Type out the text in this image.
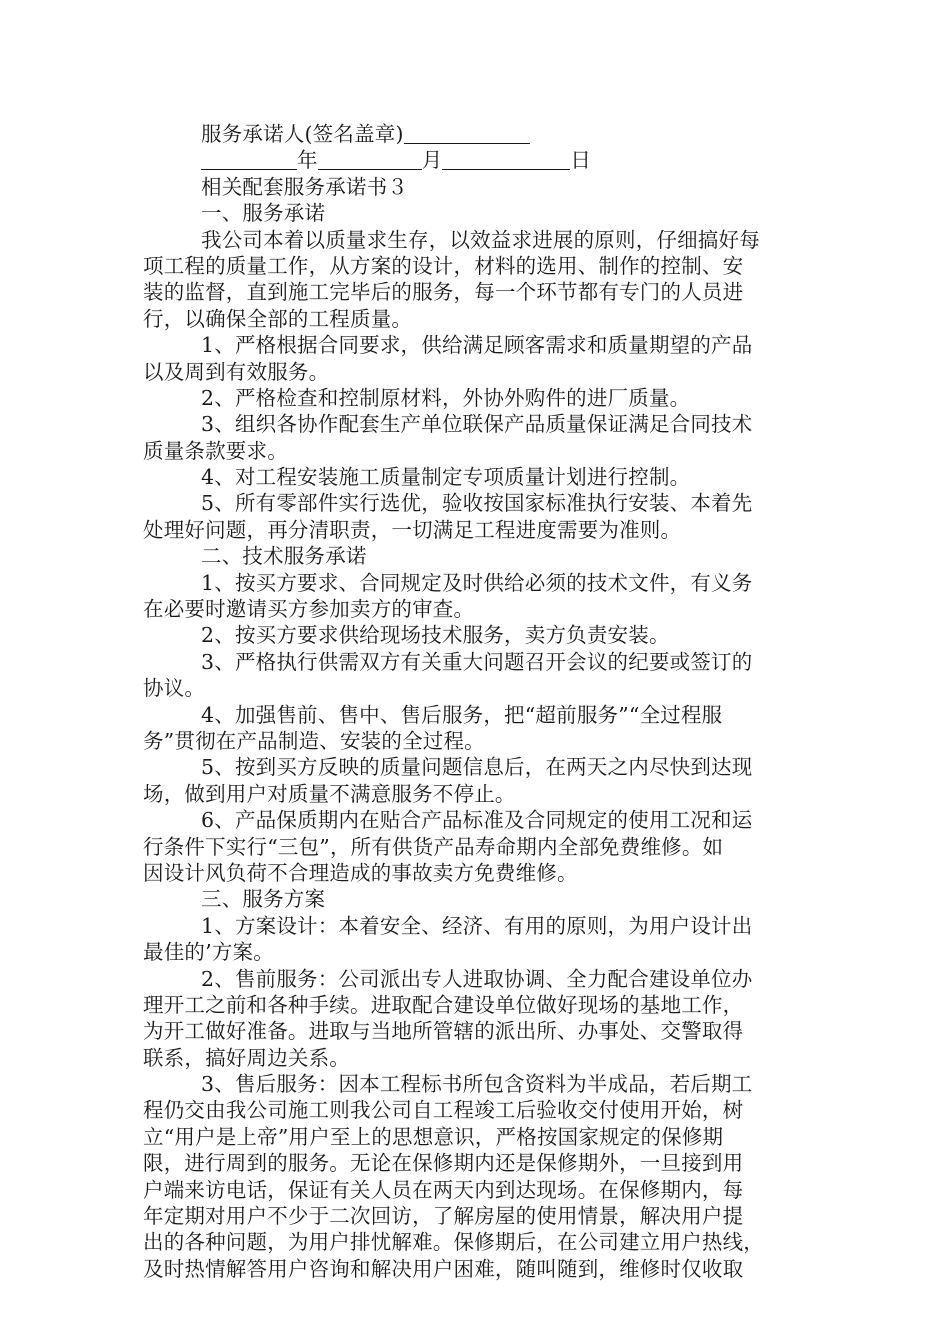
服务承诺人(签名盖章)
年	月	日
相关配套服务承诺书３
一、服务承诺
我公司本着以质量求生存，以效益求进展的原则，仔细搞好每
项工程的质量工作，从方案的设计，材料的选用、制作的控制、安
装的监督，直到施工完毕后的服务，每一个环节都有专门的人员进
行，以确保全部的工程质量。
1、严格根据合同要求，供给满足顾客需求和质量期望的产品
以及周到有效服务。
2、严格检查和控制原材料，外协外购件的进厂质量。
3、组织各协作配套生产单位联保产品质量保证满足合同技术
质量条款要求。
4、对工程安装施工质量制定专项质量计划进行控制。
5、所有零部件实行选优，验收按国家标准执行安装、本着先
处理好问题，再分清职责，一切满足工程进度需要为准则。
二、技术服务承诺
1、按买方要求、合同规定及时供给必须的技术文件，有义务
在必要时邀请买方参加卖方的审查。
2、按买方要求供给现场技术服务，卖方负责安装。
3、严格执行供需双方有关重大问题召开会议的纪要或签订的
协议。
4、加强售前、售中、售后服务，把“超前服务”“全过程服
务”贯彻在产品制造、安装的全过程。
5、按到买方反映的质量问题信息后，在两天之内尽快到达现
场，做到用户对质量不满意服务不停止。
6、产品保质期内在贴合产品标准及合同规定的使用工况和运
行条件下实行“三包”，所有供货产品寿命期内全部免费维修。如
因设计风负荷不合理造成的事故卖方免费维修。
三、服务方案
1、方案设计：本着安全、经济、有用的原则，为用户设计出
最佳的’方案。
2、售前服务：公司派出专人进取协调、全力配合建设单位办
理开工之前和各种手续。进取配合建设单位做好现场的基地工作，
为开工做好准备。进取与当地所管辖的派出所、办事处、交警取得
联系，搞好周边关系。
3、售后服务：因本工程标书所包含资料为半成品，若后期工
程仍交由我公司施工则我公司自工程竣工后验收交付使用开始，树
立“用户是上帝”用户至上的思想意识，严格按国家规定的保修期
限，进行周到的服务。无论在保修期内还是保修期外，一旦接到用
户端来访电话，保证有关人员在两天内到达现场。在保修期内，每
年定期对用户不少于二次回访，了解房屋的使用情景，解决用户提
出的各种问题，为用户排忧解难。保修期后，在公司建立用户热线，
及时热情解答用户咨询和解决用户困难，随叫随到，维修时仅收取
